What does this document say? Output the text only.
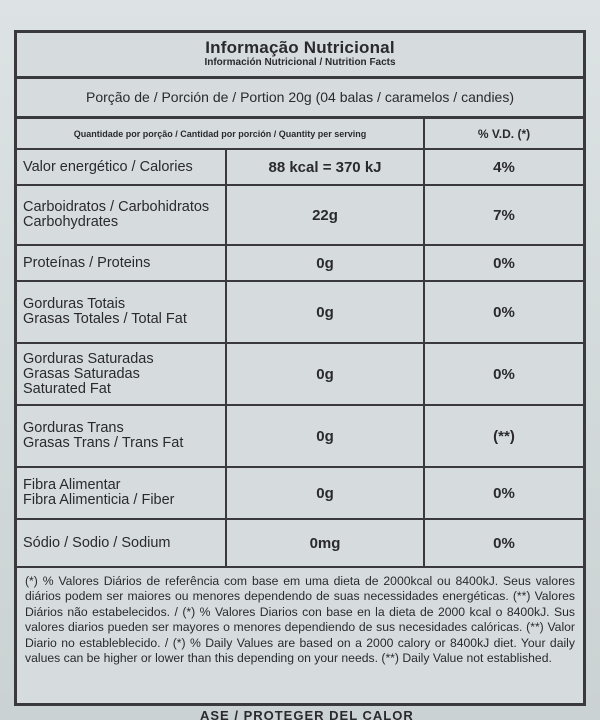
Informação Nutricional
Información Nutricional / Nutrition Facts
Porção de / Porción de / Portion 20g (04 balas / caramelos / candies)
Quantidade por porção / Cantidad por porción / Quantity per serving		% V.D. (*)
Valor energético / Calories	88 kcal = 370 kJ	4%
Carboidratos / Carbohidratos
Carbohydrates	22g	7%
Proteínas / Proteins	0g	0%
Gorduras Totais
Grasas Totales / Total Fat	0g	0%
Gorduras Saturadas
Grasas Saturadas
Saturated Fat	0g	0%
Gorduras Trans
Grasas Trans / Trans Fat	0g	(**)
Fibra Alimentar
Fibra Alimenticia / Fiber	0g	0%
Sódio / Sodio / Sodium	0mg	0%
(*) % Valores Diários de referência com base em uma dieta de 2000kcal ou 8400kJ. Seus valores diários podem ser maiores ou menores dependendo de suas necessidades energéticas. (**) Valores Diários não estabelecidos. / (*) % Valores Diarios con base en la dieta de 2000 kcal o 8400kJ. Sus valores diarios pueden ser mayores o menores dependiendo de sus necesidades calóricas. (**) Valor Diario no estableblecido. / (*) % Daily Values are based on a 2000 calory or 8400kJ diet. Your daily values can be higher or lower than this depending on your needs. (**) Daily Value not established.
ASE / PROTEGER DEL CALOR
